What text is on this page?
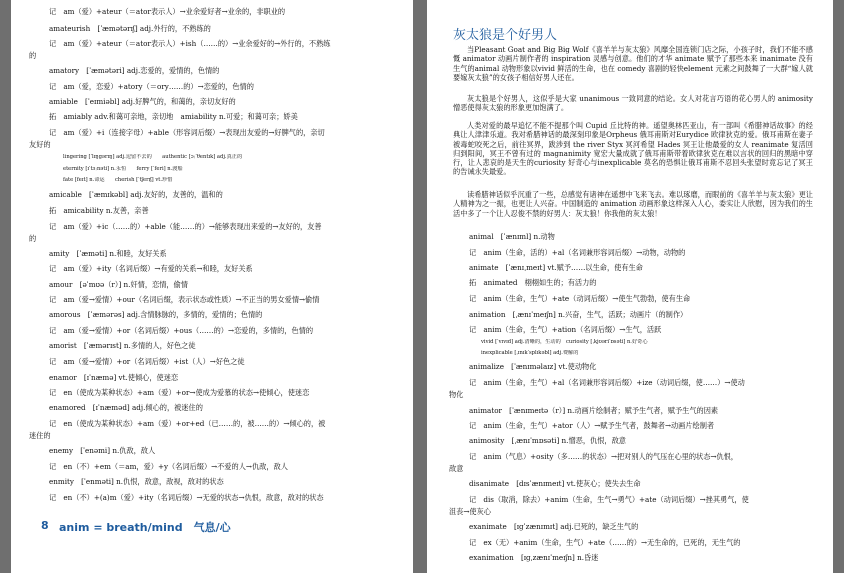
记　am（爱）+ateur（＝ator表示人）→业余爱好者→业余的，非职业的
amateurish　[ˈæmətərɪʃ] adj.外行的，不熟练的
记　am（爱）+ateur（＝ator表示人）+ish（……的）→业余爱好的→外行的，不熟练
的
amatory　[ˈæmətəri] adj.恋爱的，爱情的，色情的
记　am（爱，恋爱）+atory（＝ory……的）→恋爱的，色情的
amiable　[ˈeɪmiəbl] adj.好脾气的，和蔼的，亲切友好的
拓　amiably adv.和蔼可亲地，亲切地　amiability n.可爱；和蔼可亲；娇美
记　am（爱）+i（连接字母）+able（形容词后缀）→表现出友爱的→好脾气的，亲切
友好的
lingering [ˈlɪŋgərɪŋ] adj.逗留不去的　　authentic [ɔːˈθentɪk] adj.真正的
eternity [ɪˈtɜːnəti] n.永恒　　ferry [ˈferi] n.渡船
fate [feɪt] n.命运　　cherish [ˈtʃerɪʃ] vt.珍惜
amicable　[ˈæmɪkəbl] adj.友好的，友善的，温和的
拓　amicability n.友善，亲善
记　am（爱）+ic（……的）+able（能……的）→能够表现出来爱的→友好的，友善
的
amity　[ˈæməti] n.和睦，友好关系
记　am（爱）+ity（名词后缀）→有爱的关系→和睦，友好关系
amour　[əˈmʊə（r）] n.奸情，恋情，偷情
记　am（爱→爱情）+our（名词后缀，表示状态或性质）→不正当的男女爱情→偷情
amorous　[ˈæmərəs] adj.含情脉脉的，多情的，爱情的；色情的
记　am（爱→爱情）+or（名词后缀）+ous（……的）→恋爱的，多情的，色情的
amorist　[ˈæmərɪst] n.多情的人，好色之徒
记　am（爱→爱情）+or（名词后缀）+ist（人）→好色之徒
enamor　[ɪˈnæmə] vt.使倾心，使迷恋
记　en（使成为某种状态）+am（爱）+or→使成为爱慕的状态→使倾心，使迷恋
enamored　[ɪˈnæməd] adj.倾心的，被迷住的
记　en（使成为某种状态）+am（爱）+or+ed（已……的，被……的）→倾心的，被
迷住的
enemy　[ˈenəmi] n.仇敌，敌人
记　en（不）+em（＝am，爱）+y（名词后缀）→不爱的人→仇敌，敌人
enmity　[ˈenməti] n.仇恨，敌意，敌视，敌对的状态
记　en（不）+(a)m（爱）+ity（名词后缀）→无爱的状态→仇恨，敌意，敌对的状态
8 anim = breath/mind　气息/心
灰太狼是个好男人
当Pleasant Goat and Big Big Wolf《喜羊羊与灰太狼》风靡全国连锁门店之际，小孩子时，我们不能不感慨 animator 动画片制作者的 inspiration 灵感与创意。他们的才华 animate 赋予了那些本来 inanimate 没有生气的animal 动物形象以vivid 鲜活的生命，也在 comedy 喜剧的轻快element 元素之间鼓舞了一大群“嫁人就要嫁灰太狼”的女孩子相信好男人还在。
灰太狼是个好男人，这似乎是大家 unanimous 一致同意的结论。女人对花言巧语的花心男人的 animosity 憎恶使得灰太狼的形象更加饱满了。
人类对爱的最早追忆不能不提那个叫 Cupid 丘比特的神。遥望奥林匹亚山，有一部叫《希腊神话故事》的经典让人津津乐道。我对希腊神话的最深刻印象是Orpheus 俄耳甫斯对Eurydice 欧律狄克的爱。俄耳甫斯在妻子被毒蛇咬死之后，前往冥界，跋涉到 the river Styx 冥河希望 Hades 冥王让他最爱的女人 reanimate 复活回归到阳间，冥王不曾有过的 magnanimity 宽宏大量成就了俄耳甫斯带着欧律狄克在难以言状的回归的黑暗中穿行，让人悲哀的是天生的curiosity 好奇心与inexplicable 莫名的恐惧让俄耳甫斯不忍回头张望时竟忘记了冥王的告诫永失最爱。
读希腊神话似乎沉重了一些，总感觉有诸神在遥想中飞来飞去。难以琢磨，而眼前的《喜羊羊与灰太狼》更让人精神为之一振，也更让人兴奋。中国制造的 animation 动画形象这样深入人心，委实让人欣慰，因为我们的生活中多了一个让人忍俊不禁的好男人：灰太狼！你我他的灰太狼！
animal　[ˈænɪml] n.动物
记　anim（生命，活的）+al（名词兼形容词后缀）→动物，动物的
animate　[ˈænɪˌmeɪt] vt.赋予……以生命，使有生命
拓　animated　栩栩如生的；有活力的
记　anim（生命，生气）+ate（动词后缀）→使生气勃勃，使有生命
animation　[ˌænɪˈmeɪʃn] n.兴奋，生气，活跃；动画片（的制作）
记　anim（生命，生气）+ation（名词后缀）→生气，活跃
vivid [ˈvɪvɪd] adj.清晰的，生动的　curiosity [ˌkjʊəriˈɒsəti] n.好奇心
inexplicable [ˌɪnɪkˈsplɪkəbl] adj.费解的
animalize　[ˈænɪməlaɪz] vt.使动物化
记　anim（生命，生气）+al（名词兼形容词后缀）+ize（动词后缀，使……）→使动
物化
animator　[ˈænɪmeɪtə（r）] n.动画片绘制者；赋予生气者，赋予生气的因素
记　anim（生命，生气）+ator（人）→赋予生气者，鼓舞者→动画片绘制者
animosity　[ˌænɪˈmɒsəti] n.憎恶，仇恨，敌意
记　anim（气息）+osity（多……的状态）→把对别人的气压在心里的状态→仇恨，
敌意
disanimate　[dɪsˈænɪmeɪt] vt.使灰心；使失去生命
记　dis（取消，除去）+anim（生命，生气→勇气）+ate（动词后缀）→挫其勇气，使
沮丧→使灰心
exanimate　[ɪgˈzænɪmɪt] adj.已死的，缺乏生气的
记　ex（无）+anim（生命，生气）+ate（……的）→无生命的，已死的，无生气的
exanimation　[ɪgˌzænɪˈmeɪʃn] n.昏迷
